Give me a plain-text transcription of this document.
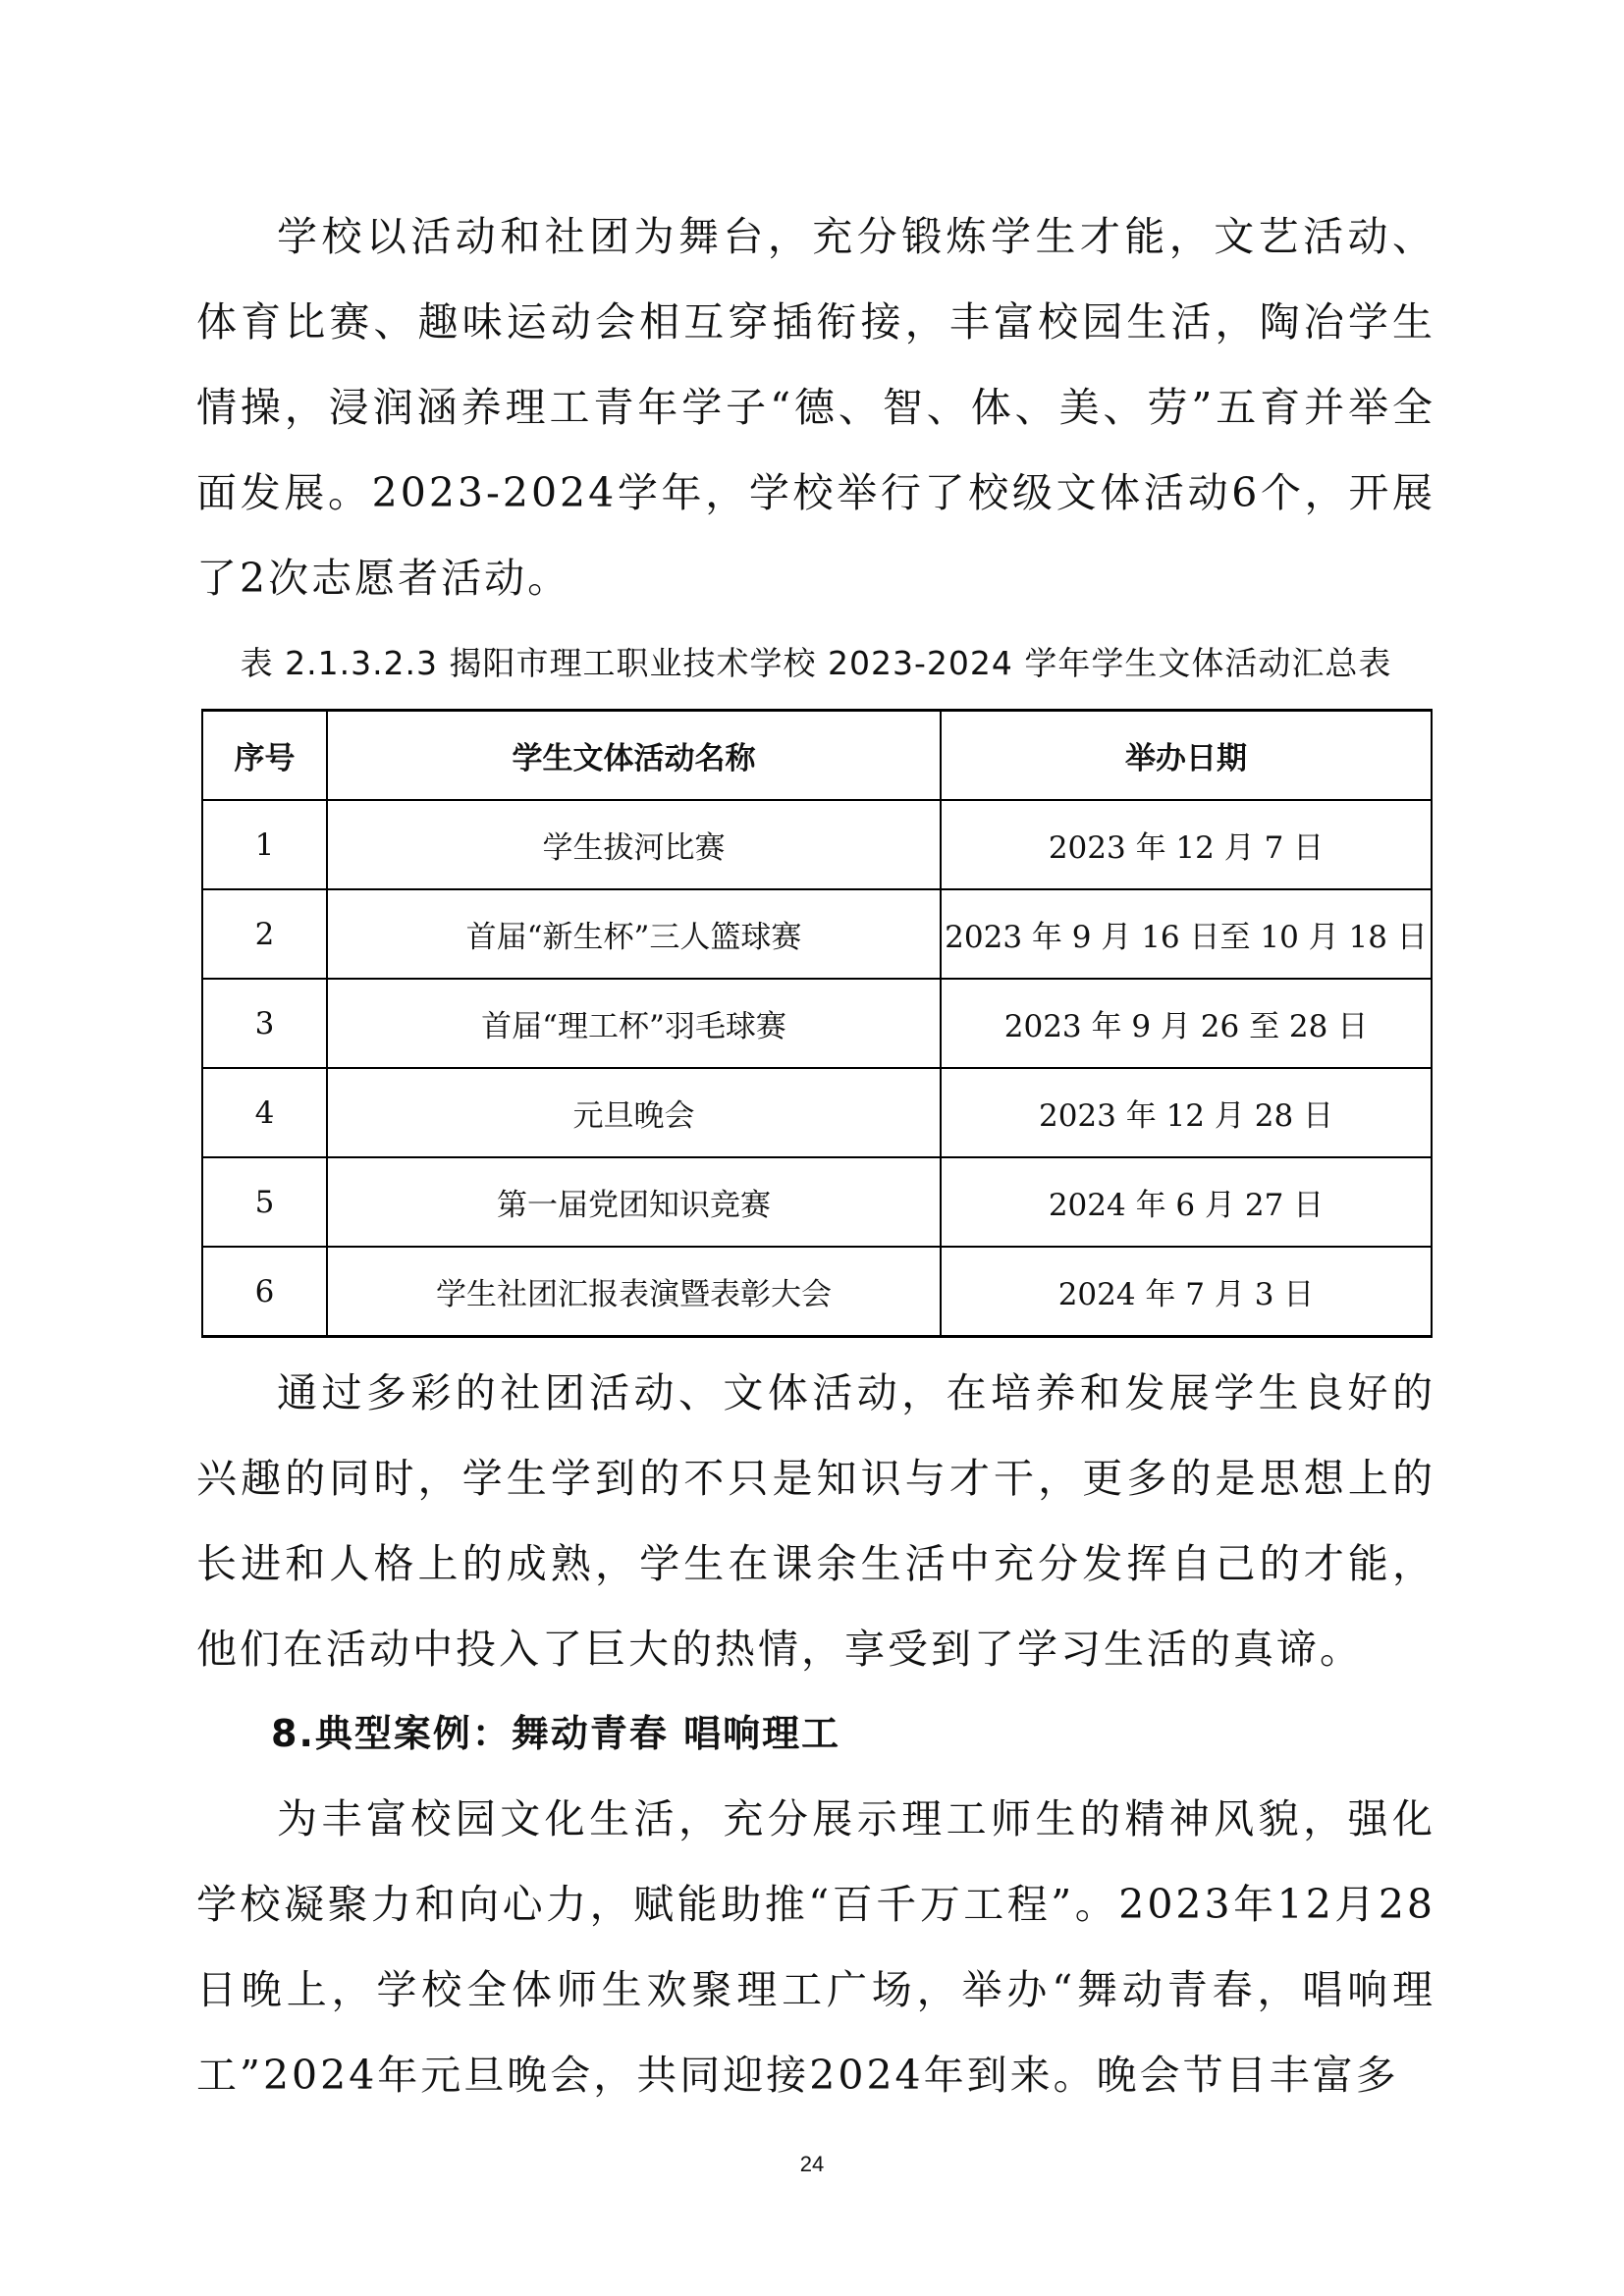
学校以活动和社团为舞台，充分锻炼学生才能，文艺活动、体育比赛、趣味运动会相互穿插衔接，丰富校园生活，陶冶学生情操，浸润涵养理工青年学子“德、智、体、美、劳”五育并举全面发展。2023-2024学年，学校举行了校级文体活动6个，开展了2次志愿者活动。

表 2.1.3.2.3 揭阳市理工职业技术学校 2023-2024 学年学生文体活动汇总表
序号	学生文体活动名称	举办日期
1	学生拔河比赛	2023 年 12 月 7 日
2	首届“新生杯”三人篮球赛	2023 年 9 月 16 日至 10 月 18 日
3	首届“理工杯”羽毛球赛	2023 年 9 月 26 至 28 日
4	元旦晚会	2023 年 12 月 28 日
5	第一届党团知识竞赛	2024 年 6 月 27 日
6	学生社团汇报表演暨表彰大会	2024 年 7 月 3 日

通过多彩的社团活动、文体活动，在培养和发展学生良好的兴趣的同时，学生学到的不只是知识与才干，更多的是思想上的长进和人格上的成熟，学生在课余生活中充分发挥自己的才能，他们在活动中投入了巨大的热情，享受到了学习生活的真谛。

8.典型案例：舞动青春 唱响理工

为丰富校园文化生活，充分展示理工师生的精神风貌，强化学校凝聚力和向心力，赋能助推“百千万工程”。2023年12月28日晚上，学校全体师生欢聚理工广场，举办“舞动青春，唱响理工”2024年元旦晚会，共同迎接2024年到来。晚会节目丰富多

24
